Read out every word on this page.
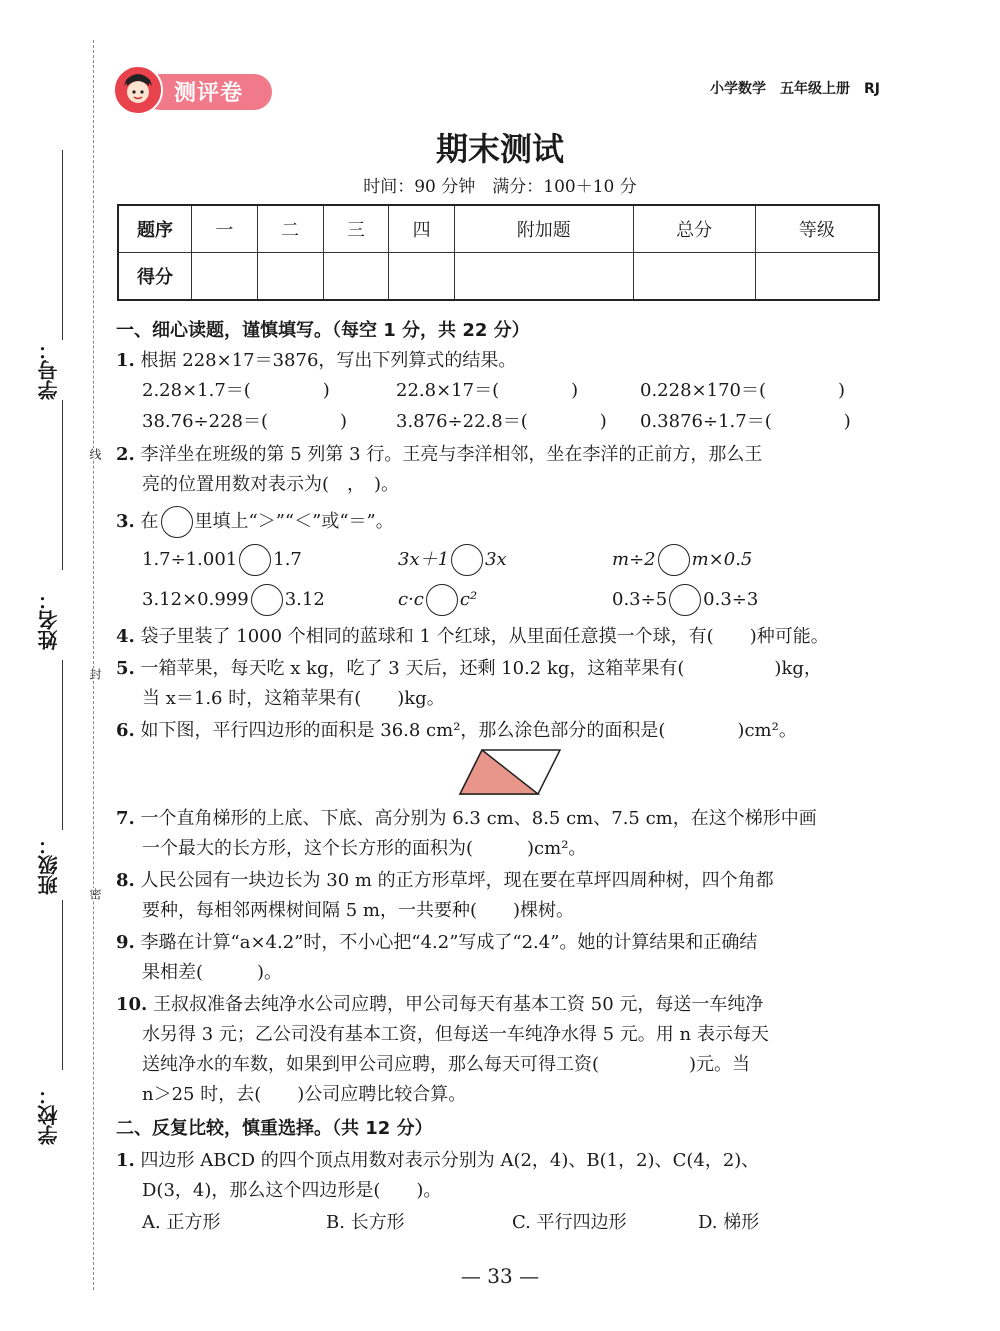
学号：
姓名：
班级：
学校：
线
封
密
测评卷	小学数学　五年级上册　RJ
期末测试
时间：90 分钟　满分：100＋10 分
题序	一	二	三	四	附加题	总分	等级
得分							
一、细心读题，谨慎填写。（每空 1 分，共 22 分）
1. 根据 228×17＝3876，写出下列算式的结果。
2.28×1.7＝(　　　　)	22.8×17＝(　　　　)	0.228×170＝(　　　　)
38.76÷228＝(　　　　)	3.876÷22.8＝(　　　　) 0.3876÷1.7＝(　　　　)
2. 李洋坐在班级的第 5 列第 3 行。王亮与李洋相邻，坐在李洋的正前方，那么王
亮的位置用数对表示为(　，　)。
3. 在 里填上“＞”“＜”或“＝”。
1.7÷1.001 1.7	3x＋1 3x	m÷2 m×0.5
3.12×0.999 3.12	c·c c²	0.3÷5 0.3÷3
4. 袋子里装了 1000 个相同的蓝球和 1 个红球，从里面任意摸一个球，有(　　)种可能。
5. 一箱苹果，每天吃 x kg，吃了 3 天后，还剩 10.2 kg，这箱苹果有(　　　　　)kg，
当 x＝1.6 时，这箱苹果有(　　)kg。
6. 如下图，平行四边形的面积是 36.8 cm²，那么涂色部分的面积是(　　　　)cm²。
7. 一个直角梯形的上底、下底、高分别为 6.3 cm、8.5 cm、7.5 cm，在这个梯形中画
一个最大的长方形，这个长方形的面积为(　　　)cm²。
8. 人民公园有一块边长为 30 m 的正方形草坪，现在要在草坪四周种树，四个角都
要种，每相邻两棵树间隔 5 m，一共要种(　　)棵树。
9. 李璐在计算“a×4.2”时，不小心把“4.2”写成了“2.4”。她的计算结果和正确结
果相差(　　　)。
10. 王叔叔准备去纯净水公司应聘，甲公司每天有基本工资 50 元，每送一车纯净
水另得 3 元；乙公司没有基本工资，但每送一车纯净水得 5 元。用 n 表示每天
送纯净水的车数，如果到甲公司应聘，那么每天可得工资(　　　　　)元。当
n＞25 时，去(　　)公司应聘比较合算。
二、反复比较，慎重选择。（共 12 分）
1. 四边形 ABCD 的四个顶点用数对表示分别为 A(2，4)、B(1，2)、C(4，2)、
D(3，4)，那么这个四边形是(　　)。
A. 正方形	B. 长方形	C. 平行四边形	D. 梯形
— 33 —
